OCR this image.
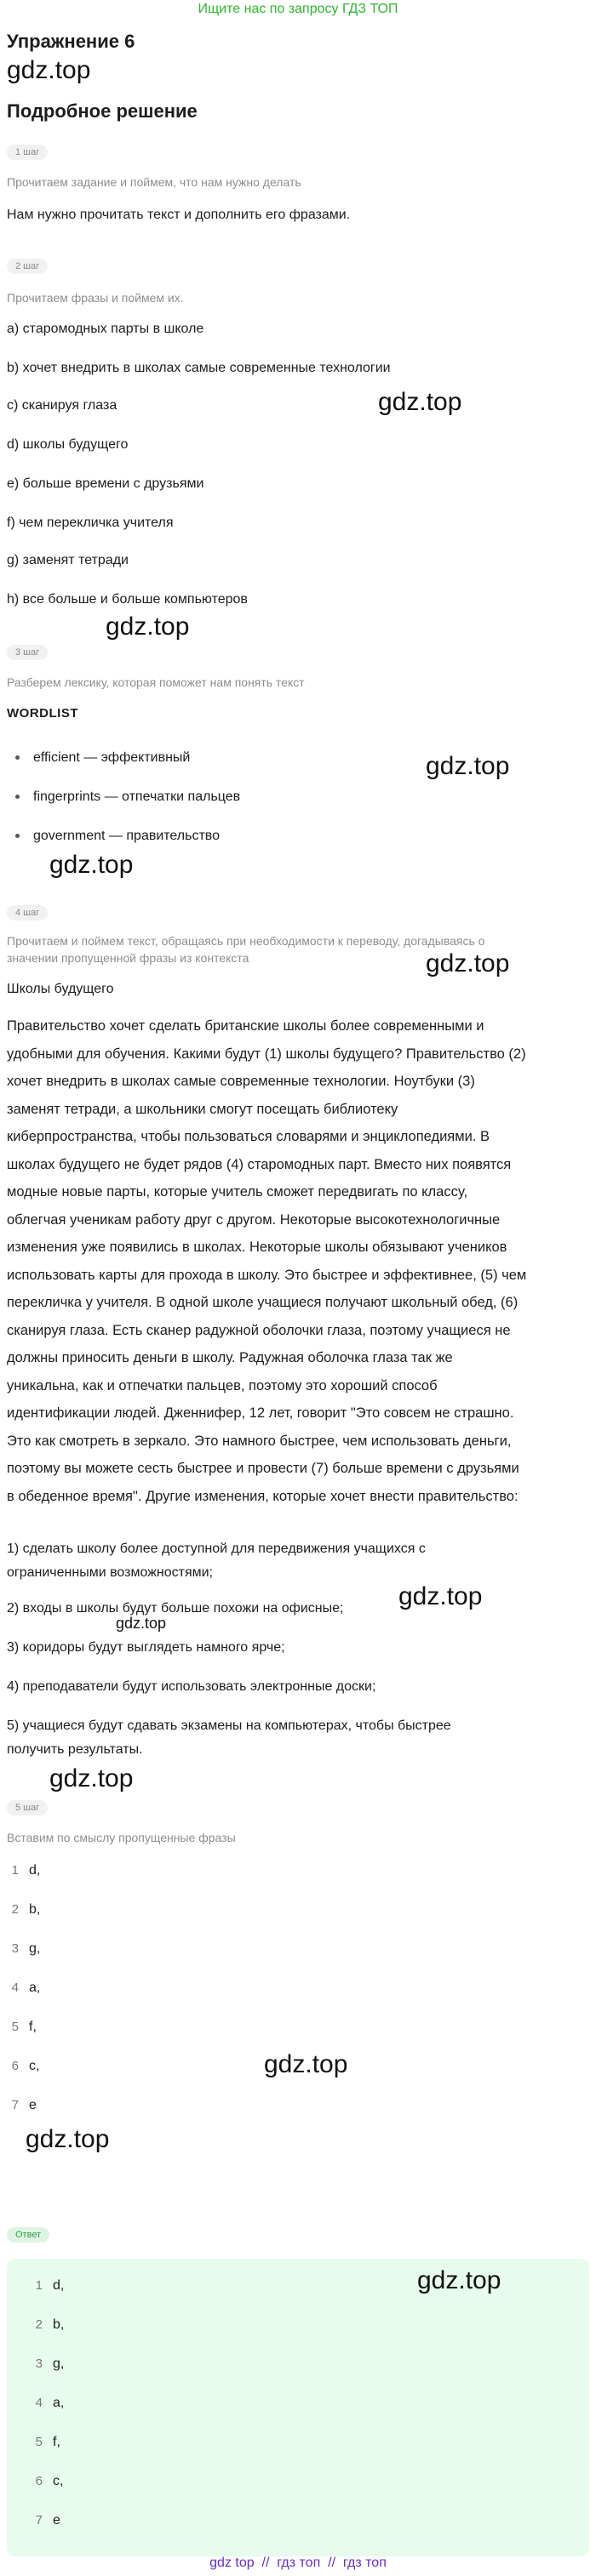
Ищите нас по запросу ГДЗ ТОП
Упражнение 6
gdz.top
Подробное решение
1 шаг
Прочитаем задание и поймем, что нам нужно делать
Нам нужно прочитать текст и дополнить его фразами.
2 шаг
Прочитаем фразы и поймем их.
a) старомодных парты в школе
b) хочет внедрить в школах самые современные технологии
c) сканируя глаза	gdz.top
d) школы будущего
e) больше времени с друзьями
f) чем перекличка учителя
g) заменят тетради
h) все больше и больше компьютеров
gdz.top
3 шаг
Разберем лексику, которая поможет нам понять текст
WORDLIST
efficient — эффективный	gdz.top
fingerprints — отпечатки пальцев
government — правительство
gdz.top
4 шаг
Прочитаем и поймем текст, обращаясь при необходимости к переводу, догадываясь о
значении пропущенной фразы из контекста	gdz.top
Школы будущего
Правительство хочет сделать британские школы более современными и
удобными для обучения. Какими будут (1) школы будущего? Правительство (2)
хочет внедрить в школах самые современные технологии. Ноутбуки (3)
заменят тетради, а школьники смогут посещать библиотеку
киберпространства, чтобы пользоваться словарями и энциклопедиями. В
школах будущего не будет рядов (4) старомодных парт. Вместо них появятся
модные новые парты, которые учитель сможет передвигать по классу,
облегчая ученикам работу друг с другом. Некоторые высокотехнологичные
изменения уже появились в школах. Некоторые школы обязывают учеников
использовать карты для прохода в школу. Это быстрее и эффективнее, (5) чем
перекличка у учителя. В одной школе учащиеся получают школьный обед, (6)
сканируя глаза. Есть сканер радужной оболочки глаза, поэтому учащиеся не
должны приносить деньги в школу. Радужная оболочка глаза так же
уникальна, как и отпечатки пальцев, поэтому это хороший способ
идентификации людей. Дженнифер, 12 лет, говорит "Это совсем не страшно.
Это как смотреть в зеркало. Это намного быстрее, чем использовать деньги,
поэтому вы можете сесть быстрее и провести (7) больше времени с друзьями
в обеденное время". Другие изменения, которые хочет внести правительство:
1) сделать школу более доступной для передвижения учащихся с
ограниченными возможностями;
2) входы в школы будут больше похожи на офисные; gdz.top
gdz.top
3) коридоры будут выглядеть намного ярче;
4) преподаватели будут использовать электронные доски;
5) учащиеся будут сдавать экзамены на компьютерах, чтобы быстрее
получить результаты.
gdz.top
5 шаг
Вставим по смыслу пропущенные фразы
1 d,
2 b,
3 g,
4 a,
5 f,
6 c,	gdz.top
7 e
gdz.top
Ответ
1 d,	gdz.top
2 b,
3 g,
4 a,
5 f,
6 c,
7 e
gdz top  //  гдз топ  //  гдз топ
